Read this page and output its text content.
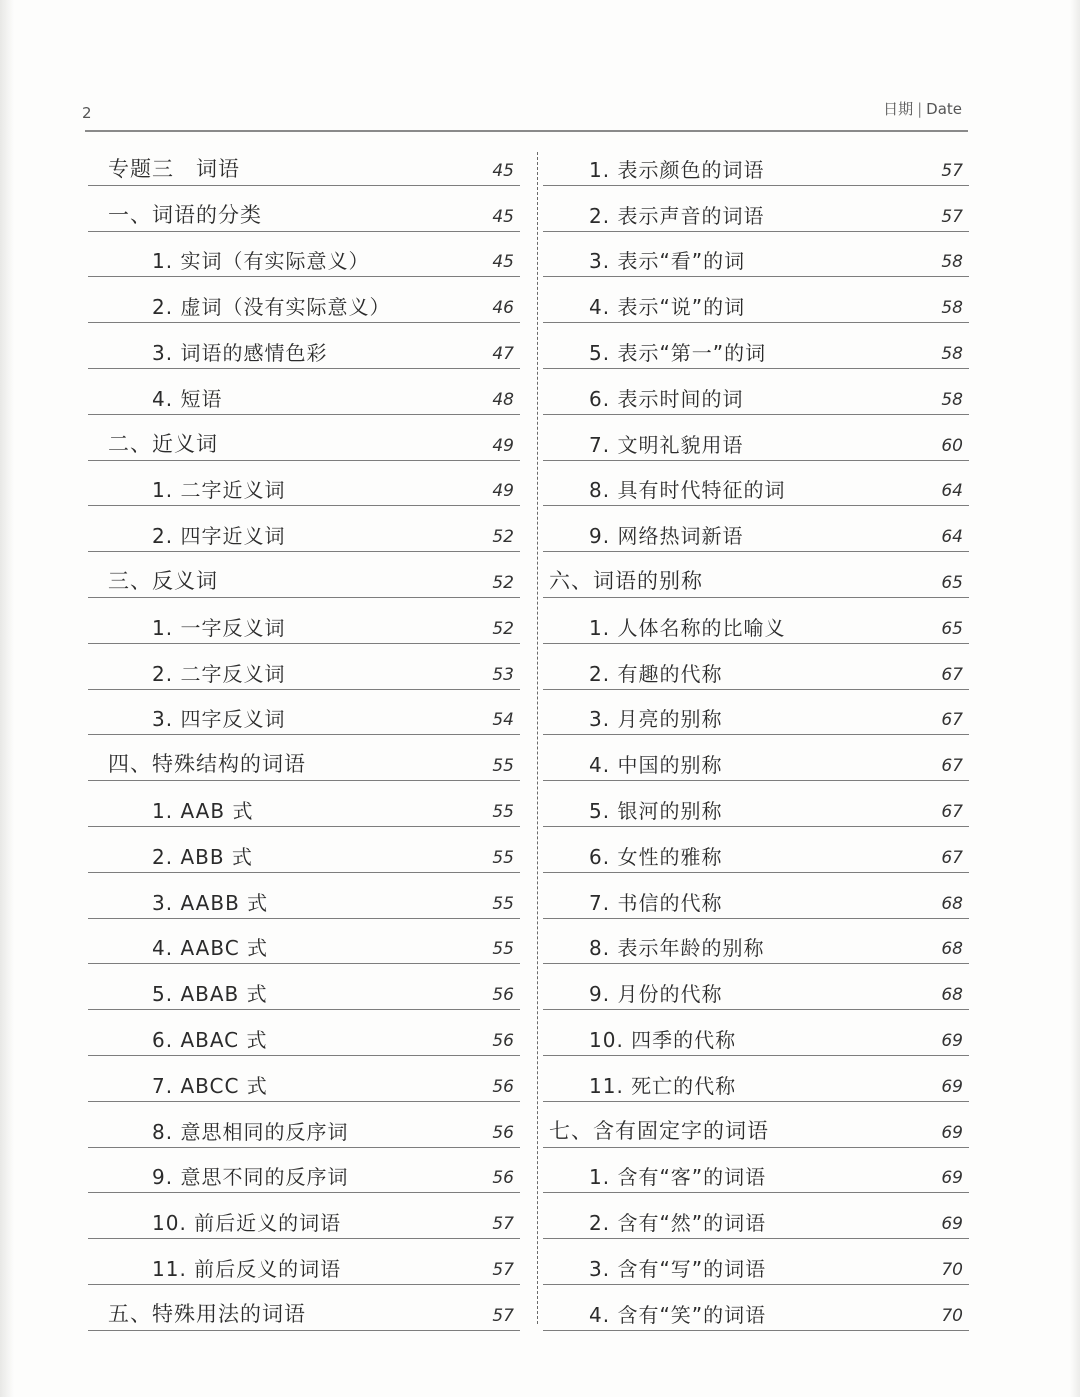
2	日期 | Date
专题三　词语	45
一、词语的分类	45
1. 实词（有实际意义）	45
2. 虚词（没有实际意义）	46
3. 词语的感情色彩	47
4. 短语	48
二、近义词	49
1. 二字近义词	49
2. 四字近义词	52
三、反义词	52
1. 一字反义词	52
2. 二字反义词	53
3. 四字反义词	54
四、特殊结构的词语	55
1. AAB 式	55
2. ABB 式	55
3. AABB 式	55
4. AABC 式	55
5. ABAB 式	56
6. ABAC 式	56
7. ABCC 式	56
8. 意思相同的反序词	56
9. 意思不同的反序词	56
10. 前后近义的词语	57
11. 前后反义的词语	57
五、特殊用法的词语	57
1. 表示颜色的词语	57
2. 表示声音的词语	57
3. 表示“看”的词	58
4. 表示“说”的词	58
5. 表示“第一”的词	58
6. 表示时间的词	58
7. 文明礼貌用语	60
8. 具有时代特征的词	64
9. 网络热词新语	64
六、词语的别称	65
1. 人体名称的比喻义	65
2. 有趣的代称	67
3. 月亮的别称	67
4. 中国的别称	67
5. 银河的别称	67
6. 女性的雅称	67
7. 书信的代称	68
8. 表示年龄的别称	68
9. 月份的代称	68
10. 四季的代称	69
11. 死亡的代称	69
七、含有固定字的词语	69
1. 含有“客”的词语	69
2. 含有“然”的词语	69
3. 含有“写”的词语	70
4. 含有“笑”的词语	70
